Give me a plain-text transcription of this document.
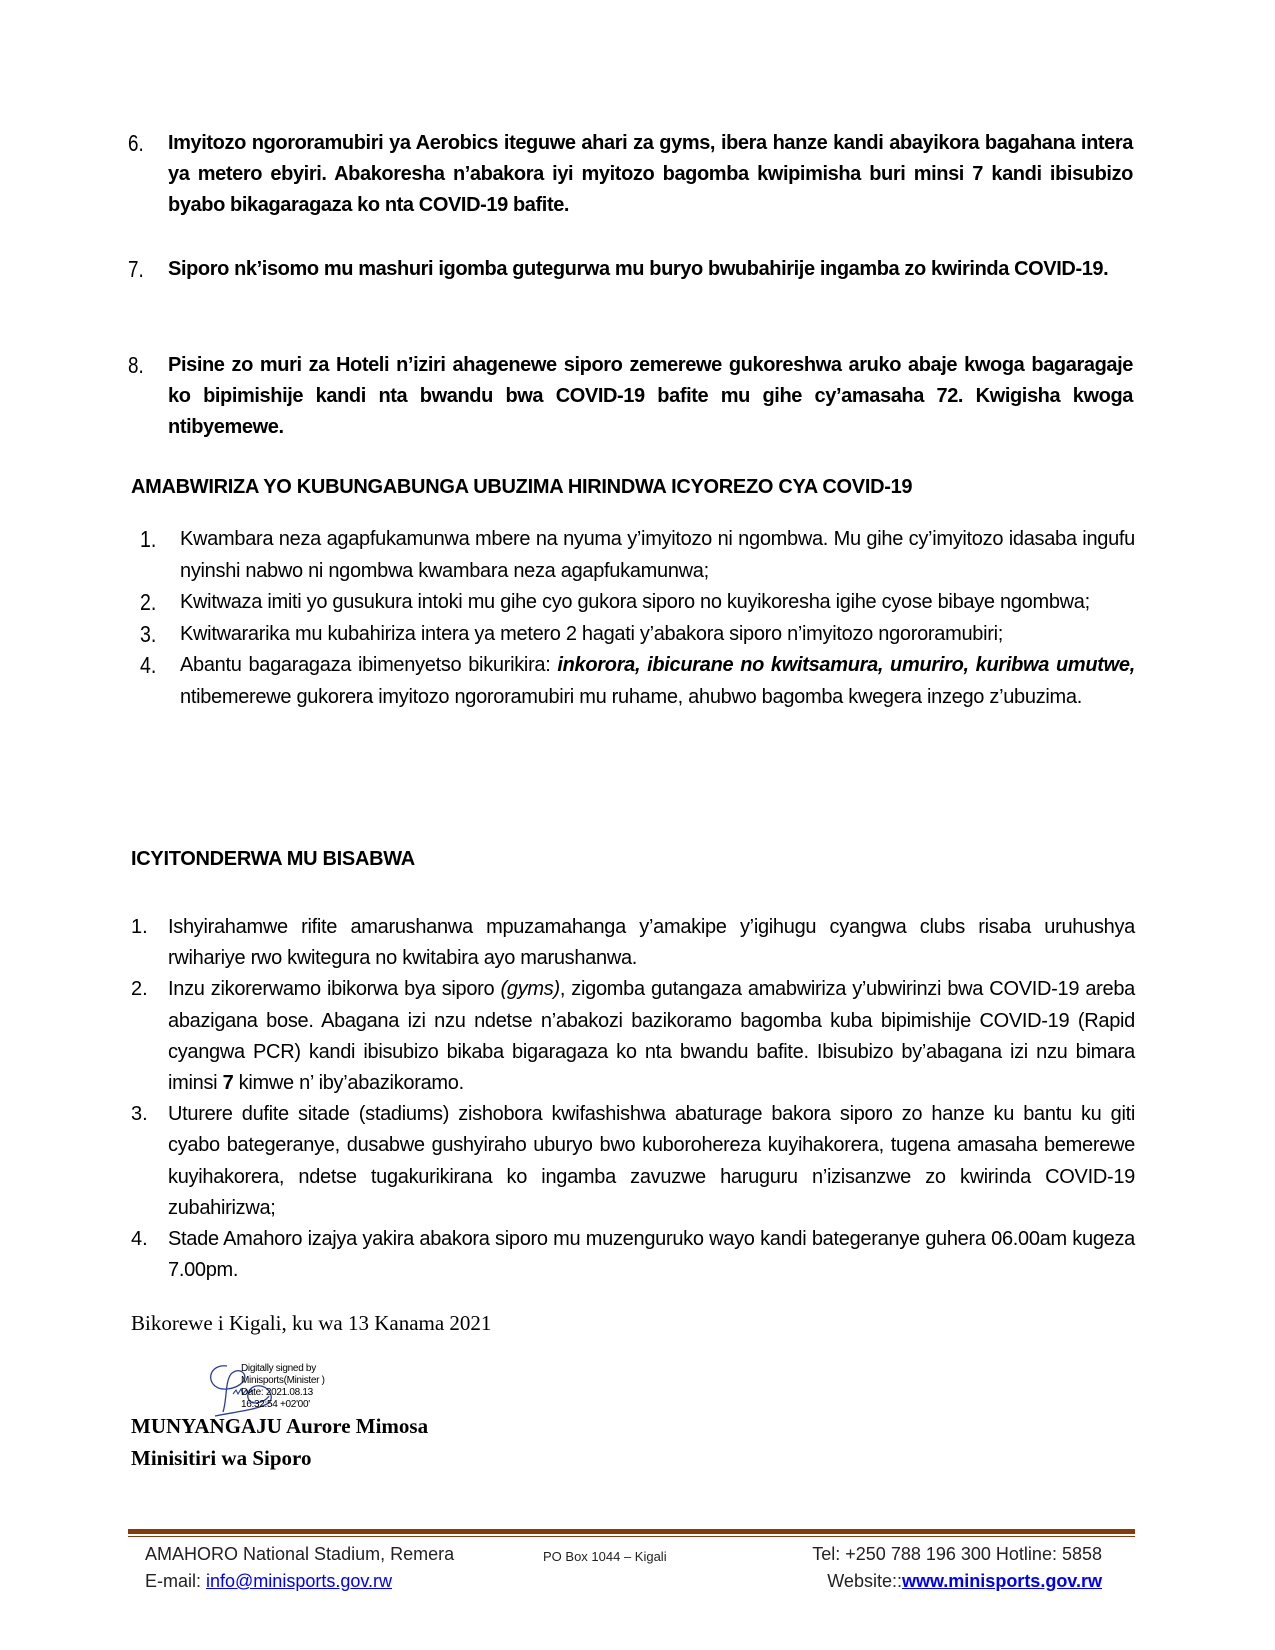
6.	Imyitozo ngororamubiri ya Aerobics iteguwe ahari za gyms, ibera hanze kandi abayikora bagahana intera ya metero ebyiri. Abakoresha n’abakora iyi myitozo bagomba kwipimisha buri minsi 7 kandi ibisubizo byabo bikagaragaza ko nta COVID-19 bafite.
7.	Siporo nk’isomo mu mashuri igomba gutegurwa mu buryo bwubahirije ingamba zo kwirinda COVID-19.
8.	Pisine zo muri za Hoteli n’iziri ahagenewe siporo zemerewe gukoreshwa aruko abaje kwoga bagaragaje ko bipimishije kandi nta bwandu bwa COVID-19 bafite mu gihe cy’amasaha 72. Kwigisha kwoga ntibyemewe.
AMABWIRIZA YO KUBUNGABUNGA UBUZIMA HIRINDWA ICYOREZO CYA COVID-19
1. Kwambara neza agapfukamunwa mbere na nyuma y’imyitozo ni ngombwa. Mu gihe cy’imyitozo idasaba ingufu nyinshi nabwo ni ngombwa kwambara neza agapfukamunwa;
2. Kwitwaza imiti yo gusukura intoki mu gihe cyo gukora siporo no kuyikoresha igihe cyose bibaye ngombwa;
3. Kwitwararika mu kubahiriza intera ya metero 2 hagati y’abakora siporo n’imyitozo ngororamubiri;
4. Abantu bagaragaza ibimenyetso bikurikira: inkorora, ibicurane no kwitsamura, umuriro, kuribwa umutwe, ntibemerewe gukorera imyitozo ngororamubiri mu ruhame, ahubwo bagomba kwegera inzego z’ubuzima.
ICYITONDERWA MU BISABWA
1. Ishyirahamwe rifite amarushanwa mpuzamahanga y’amakipe y’igihugu cyangwa clubs risaba uruhushya rwihariye rwo kwitegura no kwitabira ayo marushanwa.
2. Inzu zikorerwamo ibikorwa bya siporo (gyms), zigomba gutangaza amabwiriza y’ubwirinzi bwa COVID-19 areba abazigana bose. Abagana izi nzu ndetse n’abakozi bazikoramo bagomba kuba bipimishije COVID-19 (Rapid cyangwa PCR) kandi ibisubizo bikaba bigaragaza ko nta bwandu bafite. Ibisubizo by’abagana izi nzu bimara iminsi 7 kimwe n’ iby’abazikoramo.
3. Uturere dufite sitade (stadiums) zishobora kwifashishwa abaturage bakora siporo zo hanze ku bantu ku giti cyabo bategeranye, dusabwe gushyiraho uburyo bwo kuborohereza kuyihakorera, tugena amasaha bemerewe kuyihakorera, ndetse tugakurikirana ko ingamba zavuzwe haruguru n’izisanzwe zo kwirinda COVID-19 zubahirizwa;
4. Stade Amahoro izajya yakira abakora siporo mu muzenguruko wayo kandi bategeranye guhera 06.00am kugeza 7.00pm.
Bikorewe i Kigali, ku wa 13 Kanama 2021
Digitally signed by
Minisports(Minister )
Date: 2021.08.13
16:32:54 +02'00'
MUNYANGAJU Aurore Mimosa
Minisitiri wa Siporo
AMAHORO National Stadium, Remera	PO Box 1044 – Kigali	Tel: +250 788 196 300 Hotline: 5858
E-mail: info@minisports.gov.rw	Website::www.minisports.gov.rw
